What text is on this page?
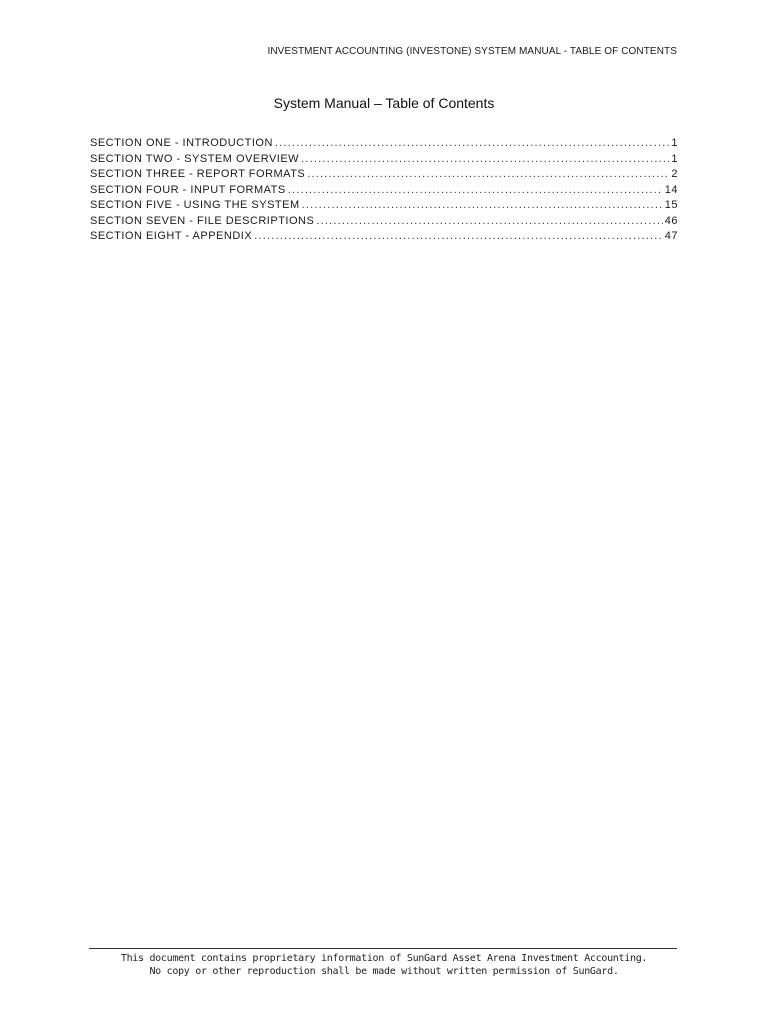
INVESTMENT ACCOUNTING (INVESTONE) SYSTEM MANUAL - TABLE OF CONTENTS
System Manual – Table of Contents
SECTION ONE - INTRODUCTION .....	1
SECTION TWO - SYSTEM OVERVIEW .....	1
SECTION THREE - REPORT FORMATS .....	2
SECTION FOUR - INPUT FORMATS .....	14
SECTION FIVE - USING THE SYSTEM .....	15
SECTION SEVEN - FILE DESCRIPTIONS .....	46
SECTION EIGHT - APPENDIX .....	47
This document contains proprietary information of SunGard Asset Arena Investment Accounting.
No copy or other reproduction shall be made without written permission of SunGard.
